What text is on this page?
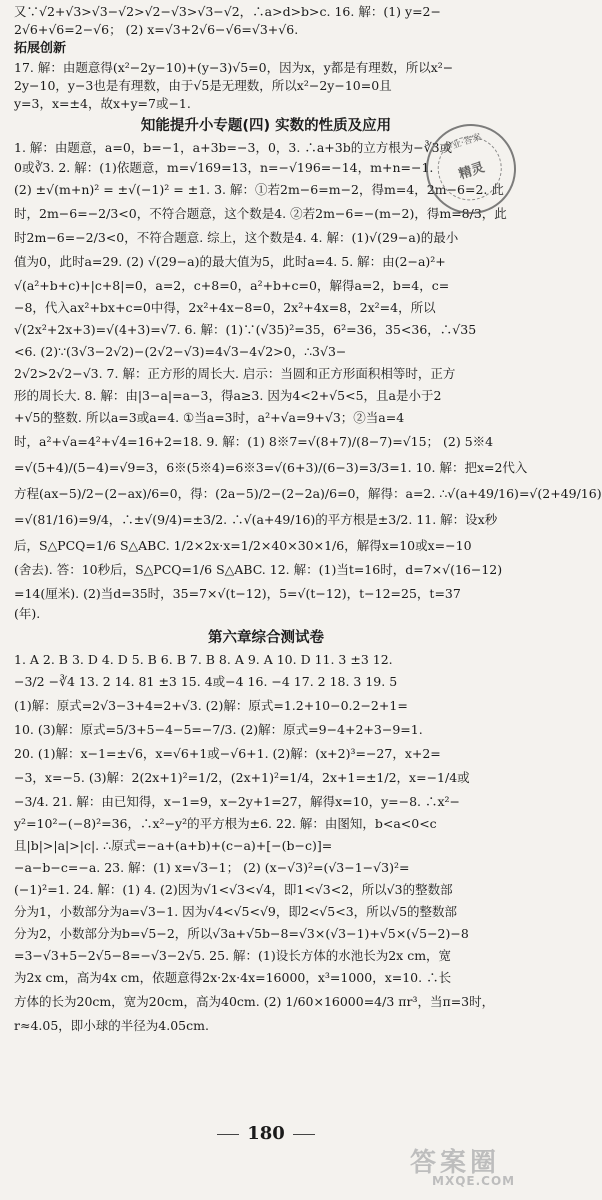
又∵√2+√3>√3−√2>√2−√3>√3−√2，∴a>d>b>c. 16. 解：(1) y=2−
2√6+√6=2−√6； (2) x=√3+2√6−√6=√3+√6.
拓展创新
17. 解：由题意得(x²−2y−10)+(y−3)√5=0，因为x，y都是有理数，所以x²−
2y−10，y−3也是有理数，由于√5是无理数，所以x²−2y−10=0且
y=3，x=±4，故x+y=7或−1.
知能提升小专题(四) 实数的性质及应用
1. 解：由题意，a=0，b=−1，a+3b=−3，0，3. ∴a+3b的立方根为−∛3或
0或∛3. 2. 解：(1)依题意，m=√169=13，n=−√196=−14，m+n=−1.
(2) ±√(m+n)² = ±√(−1)² = ±1. 3. 解：①若2m−6=m−2，得m=4，2m−6=2. 此
时，2m−6=−2/3<0，不符合题意，这个数是4. ②若2m−6=−(m−2)，得m=8/3，此
时2m−6=−2/3<0，不符合题意. 综上，这个数是4. 4. 解：(1)√(29−a)的最小
值为0，此时a=29. (2) √(29−a)的最大值为5，此时a=4. 5. 解：由(2−a)²+
√(a²+b+c)+|c+8|=0，a=2，c+8=0，a²+b+c=0，解得a=2，b=4，c=
−8，代入ax²+bx+c=0中得，2x²+4x−8=0，2x²+4x=8，2x²=4，所以
√(2x²+2x+3)=√(4+3)=√7. 6. 解：(1)∵(√35)²=35，6²=36，35<36，∴√35
<6. (2)∵(3√3−2√2)−(2√2−√3)=4√3−4√2>0，∴3√3−
2√2>2√2−√3. 7. 解：正方形的周长大. 启示：当圆和正方形面积相等时，正方
形的周长大. 8. 解：由|3−a|=a−3，得a≥3. 因为4<2+√5<5，且a是小于2
+√5的整数. 所以a=3或a=4. ①当a=3时，a²+√a=9+√3；②当a=4
时，a²+√a=4²+√4=16+2=18. 9. 解：(1) 8※7=√(8+7)/(8−7)=√15； (2) 5※4
=√(5+4)/(5−4)=√9=3，6※(5※4)=6※3=√(6+3)/(6−3)=3/3=1. 10. 解：把x=2代入
方程(ax−5)/2−(2−ax)/6=0，得：(2a−5)/2−(2−2a)/6=0，解得：a=2. ∴√(a+49/16)=√(2+49/16)
=√(81/16)=9/4，∴±√(9/4)=±3/2. ∴√(a+49/16)的平方根是±3/2. 11. 解：设x秒
后，S△PCQ=1/6 S△ABC. 1/2×2x·x=1/2×40×30×1/6，解得x=10或x=−10
(舍去). 答：10秒后，S△PCQ=1/6 S△ABC. 12. 解：(1)当t=16时，d=7×√(16−12)
=14(厘米). (2)当d=35时，35=7×√(t−12)，5=√(t−12)，t−12=25，t=37
(年).
第六章综合测试卷
1. A 2. B 3. D 4. D 5. B 6. B 7. B 8. A 9. A 10. D 11. 3 ±3 12.
−3/2 −∛4 13. 2 14. 81 ±3 15. 4或−4 16. −4 17. 2 18. 3 19. 5
(1)解：原式=2√3−3+4=2+√3. (2)解：原式=1.2+10−0.2−2+1=
10. (3)解：原式=5/3+5−4−5=−7/3. (2)解：原式=9−4+2+3−9=1.
20. (1)解：x−1=±√6，x=√6+1或−√6+1. (2)解：(x+2)³=−27，x+2=
−3，x=−5. (3)解：2(2x+1)²=1/2，(2x+1)²=1/4，2x+1=±1/2，x=−1/4或
−3/4. 21. 解：由已知得，x−1=9，x−2y+1=27，解得x=10，y=−8. ∴x²−
y²=10²−(−8)²=36，∴x²−y²的平方根为±6. 22. 解：由图知，b<a<0<c
且|b|>|a|>|c|. ∴原式=−a+(a+b)+(c−a)+[−(b−c)]=
−a−b−c=−a. 23. 解：(1) x=√3−1； (2) (x−√3)²=(√3−1−√3)²=
(−1)²=1. 24. 解：(1) 4. (2)因为√1<√3<√4，即1<√3<2，所以√3的整数部
分为1，小数部分为a=√3−1. 因为√4<√5<√9，即2<√5<3，所以√5的整数部
分为2，小数部分为b=√5−2，所以√3a+√5b−8=√3×(√3−1)+√5×(√5−2)−8
=3−√3+5−2√5−8=−√3−2√5. 25. 解：(1)设长方体的水池长为2x cm，宽
为2x cm，高为4x cm，依题意得2x·2x·4x=16000，x³=1000，x=10. ∴长
方体的长为20cm，宽为20cm，高为40cm. (2) 1/60×16000=4/3 πr³，当π=3时，
r≈4.05，即小球的半径为4.05cm.
作业·答案
精灵
180
答案圈
MXQE.COM
